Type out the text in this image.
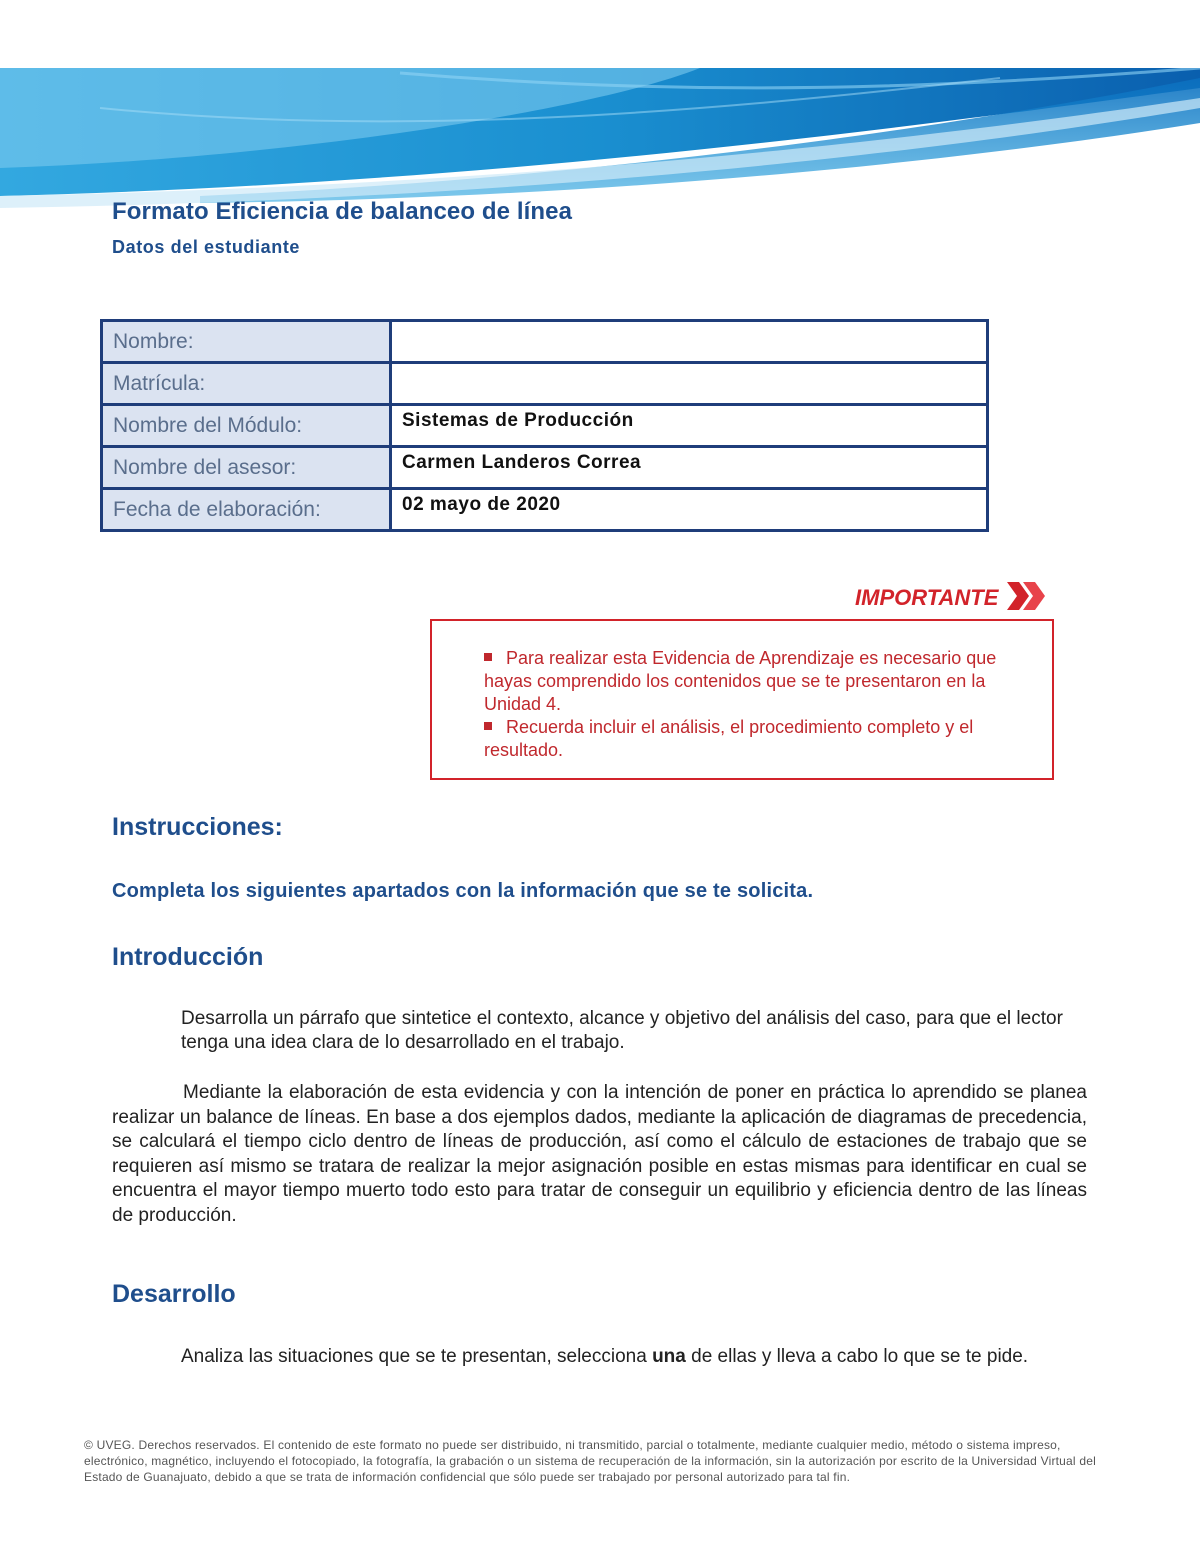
Formato Eficiencia de balanceo de línea
Datos del estudiante
Nombre:	
Matrícula:	
Nombre del Módulo:	Sistemas de Producción
Nombre del asesor:	Carmen Landeros Correa
Fecha de elaboración:	02 mayo de 2020
IMPORTANTE
Para realizar esta Evidencia de Aprendizaje es necesario que hayas comprendido los contenidos que se te presentaron en la Unidad 4.
Recuerda incluir el análisis, el procedimiento completo y el resultado.
Instrucciones:
Completa los siguientes apartados con la información que se te solicita.
Introducción
Desarrolla un párrafo que sintetice el contexto, alcance y objetivo del análisis del caso, para que el lector tenga una idea clara de lo desarrollado en el trabajo.
Mediante la elaboración de esta evidencia y con la intención de poner en práctica lo aprendido se planea realizar un balance de líneas. En base a dos ejemplos dados, mediante la aplicación de diagramas de precedencia, se calculará el tiempo ciclo dentro de líneas de producción, así como el cálculo de estaciones de trabajo que se requieren así mismo se tratara de realizar la mejor asignación posible en estas mismas para identificar en cual se encuentra el mayor tiempo muerto todo esto para tratar de conseguir un equilibrio y eficiencia dentro de las líneas de producción.
Desarrollo
Analiza las situaciones que se te presentan, selecciona una de ellas y lleva a cabo lo que se te pide.
© UVEG. Derechos reservados. El contenido de este formato no puede ser distribuido, ni transmitido, parcial o totalmente, mediante cualquier medio, método o sistema impreso, electrónico, magnético, incluyendo el fotocopiado, la fotografía, la grabación o un sistema de recuperación de la información, sin la autorización por escrito de la Universidad Virtual del Estado de Guanajuato, debido a que se trata de información confidencial que sólo puede ser trabajado por personal autorizado para tal fin.
